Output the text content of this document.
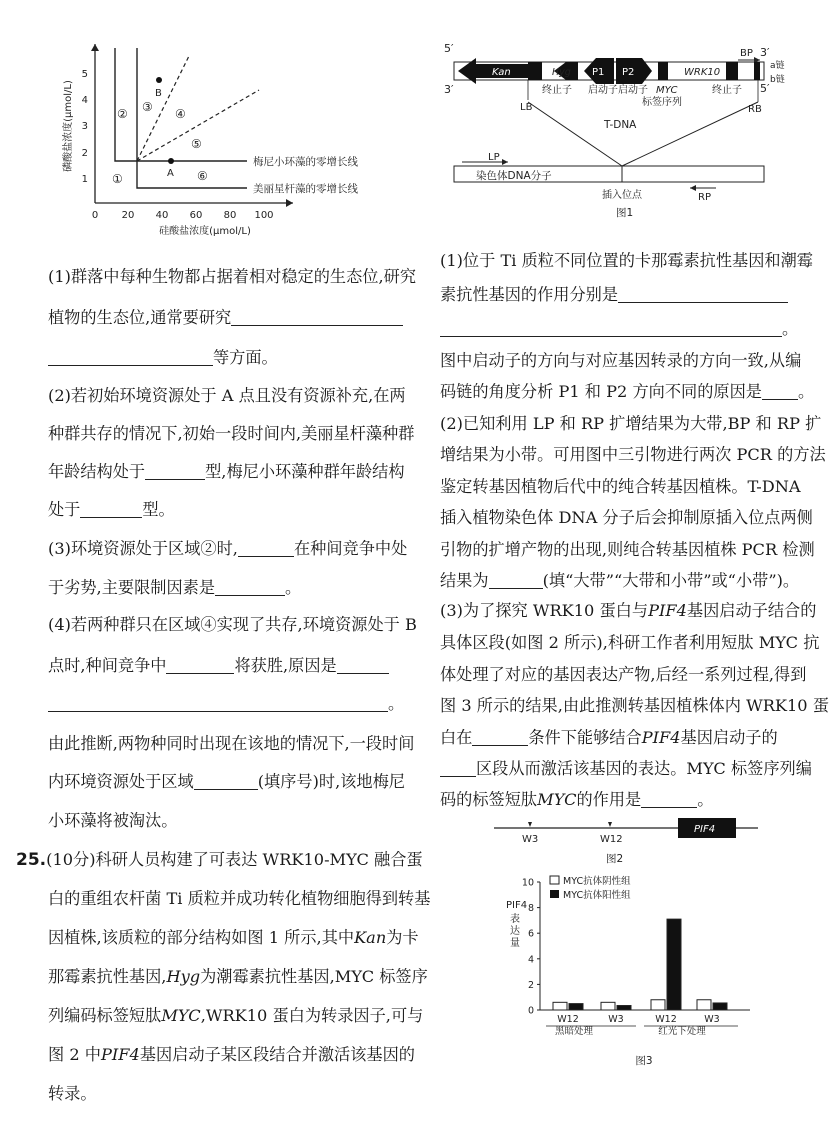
1
2
3
4
5
0 20 40 60 80 100
硅酸盐浓度(μmol/L)
磷酸盐浓度(μmol/L)	B
A
①
② ③ ④
⑤
⑥
梅尼小环藻的零增长线
美丽星杆藻的零增长线
(1)群落中每种生物都占据着相对稳定的生态位,研究
植物的生态位,通常要研究
等方面。
(2)若初始环境资源处于 A 点且没有资源补充,在两
种群共存的情况下,初始一段时间内,美丽星杆藻种群
年龄结构处于	型,梅尼小环藻种群年龄结构
处于	型。
(3)环境资源处于区域②时,	在种间竞争中处
于劣势,主要限制因素是	。
(4)若两种群只在区域④实现了共存,环境资源处于 B
点时,种间竞争中	将获胜,原因是
。
由此推断,两物种同时出现在该地的情况下,一段时间
内环境资源处于区域	(填序号)时,该地梅尼
小环藻将被淘汰。
25.(10分)科研人员构建了可表达 WRK10-MYC 融合蛋
白的重组农杆菌 Ti 质粒并成功转化植物细胞得到转基
因植株,该质粒的部分结构如图 1 所示,其中Kan为卡
那霉素抗性基因,Hyg为潮霉素抗性基因,MYC 标签序
列编码标签短肽MYC,WRK10 蛋白为转录因子,可与
图 2 中PIF4基因启动子某区段结合并激活该基因的
转录。
5′
3′
BP 3′
5′
a链
b链
Kan	Hyg P1 P2	WRK10
LB
终止子 启动子 启动子 MYC
标签序列
终止子
RB
T-DNA
LP
染色体DNA分子
插入位点	RP
图1
(1)位于 Ti 质粒不同位置的卡那霉素抗性基因和潮霉
素抗性基因的作用分别是
。
图中启动子的方向与对应基因转录的方向一致,从编
码链的角度分析 P1 和 P2 方向不同的原因是 。
(2)已知利用 LP 和 RP 扩增结果为大带,BP 和 RP 扩
增结果为小带。可用图中三引物进行两次 PCR 的方法
鉴定转基因植物后代中的纯合转基因植株。T-DNA
插入植物染色体 DNA 分子后会抑制原插入位点两侧
引物的扩增产物的出现,则纯合转基因植株 PCR 检测
结果为	(填“大带”“大带和小带”或“小带”)。
(3)为了探究 WRK10 蛋白与PIF4基因启动子结合的
具体区段(如图 2 所示),科研工作者利用短肽 MYC 抗
体处理了对应的基因表达产物,后经一系列过程,得到
图 3 所示的结果,由此推测转基因植株体内 WRK10 蛋
白在	条件下能够结合PIF4基因启动子的
区段从而激活该基因的表达。MYC 标签序列编
码的标签短肽MYC的作用是	。
W3	W12
PIF4
图2
PIF4
表
达
量
MYC抗体阴性组
MYC抗体阳性组
黑暗处理	红光下处理
图3
0
2
4
6
8
10
W12	W3	W12	W3
